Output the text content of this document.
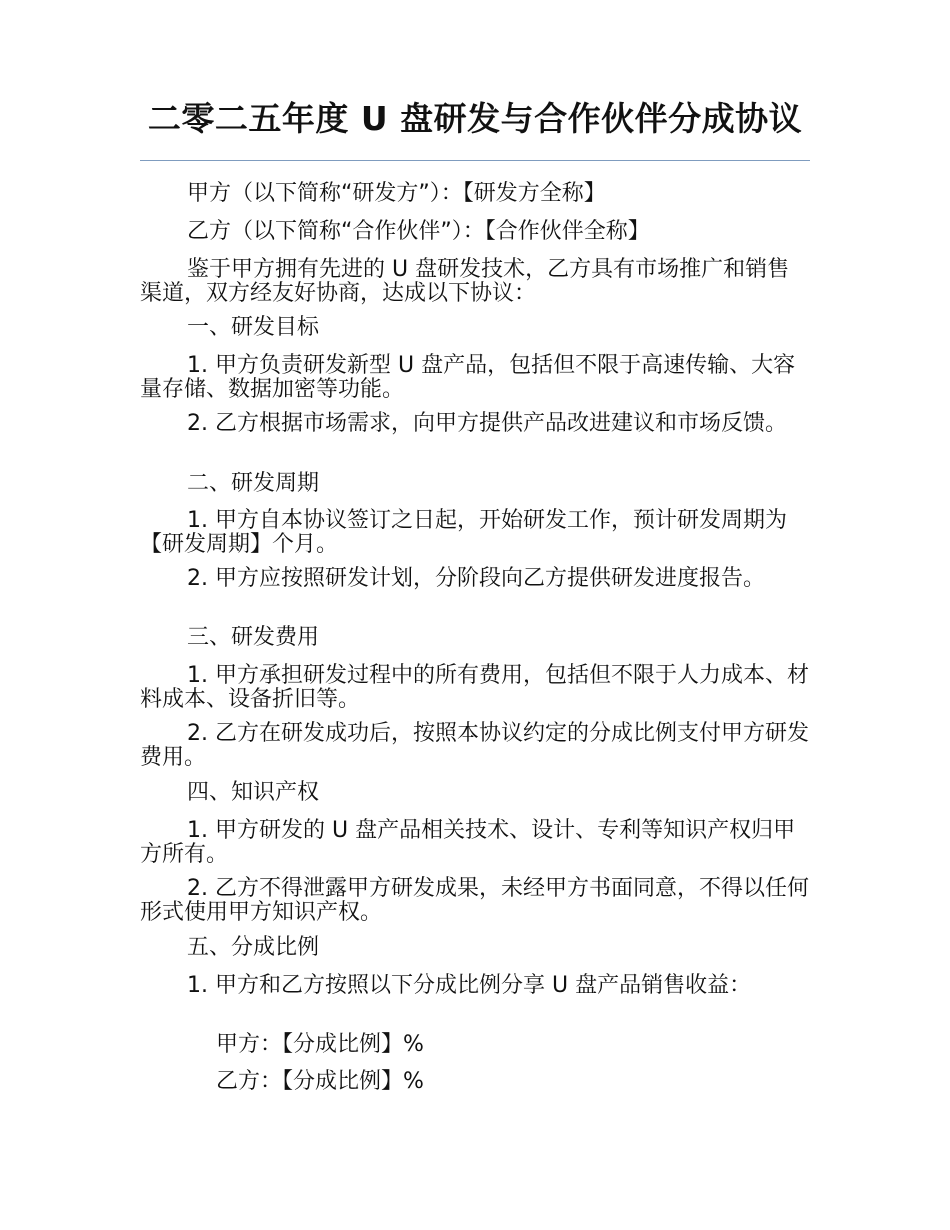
二零二五年度 U 盘研发与合作伙伴分成协议
甲方（以下简称“研发方”）：【研发方全称】
乙方（以下简称“合作伙伴”）：【合作伙伴全称】
鉴于甲方拥有先进的 U 盘研发技术，乙方具有市场推广和销售渠道，双方经友好协商，达成以下协议：
一、研发目标
1. 甲方负责研发新型 U 盘产品，包括但不限于高速传输、大容量存储、数据加密等功能。
2. 乙方根据市场需求，向甲方提供产品改进建议和市场反馈。
二、研发周期
1. 甲方自本协议签订之日起，开始研发工作，预计研发周期为【研发周期】个月。
2. 甲方应按照研发计划，分阶段向乙方提供研发进度报告。
三、研发费用
1. 甲方承担研发过程中的所有费用，包括但不限于人力成本、材料成本、设备折旧等。
2. 乙方在研发成功后，按照本协议约定的分成比例支付甲方研发费用。
四、知识产权
1. 甲方研发的 U 盘产品相关技术、设计、专利等知识产权归甲方所有。
2. 乙方不得泄露甲方研发成果，未经甲方书面同意，不得以任何形式使用甲方知识产权。
五、分成比例
1. 甲方和乙方按照以下分成比例分享 U 盘产品销售收益：
甲方：【分成比例】%
乙方：【分成比例】%
